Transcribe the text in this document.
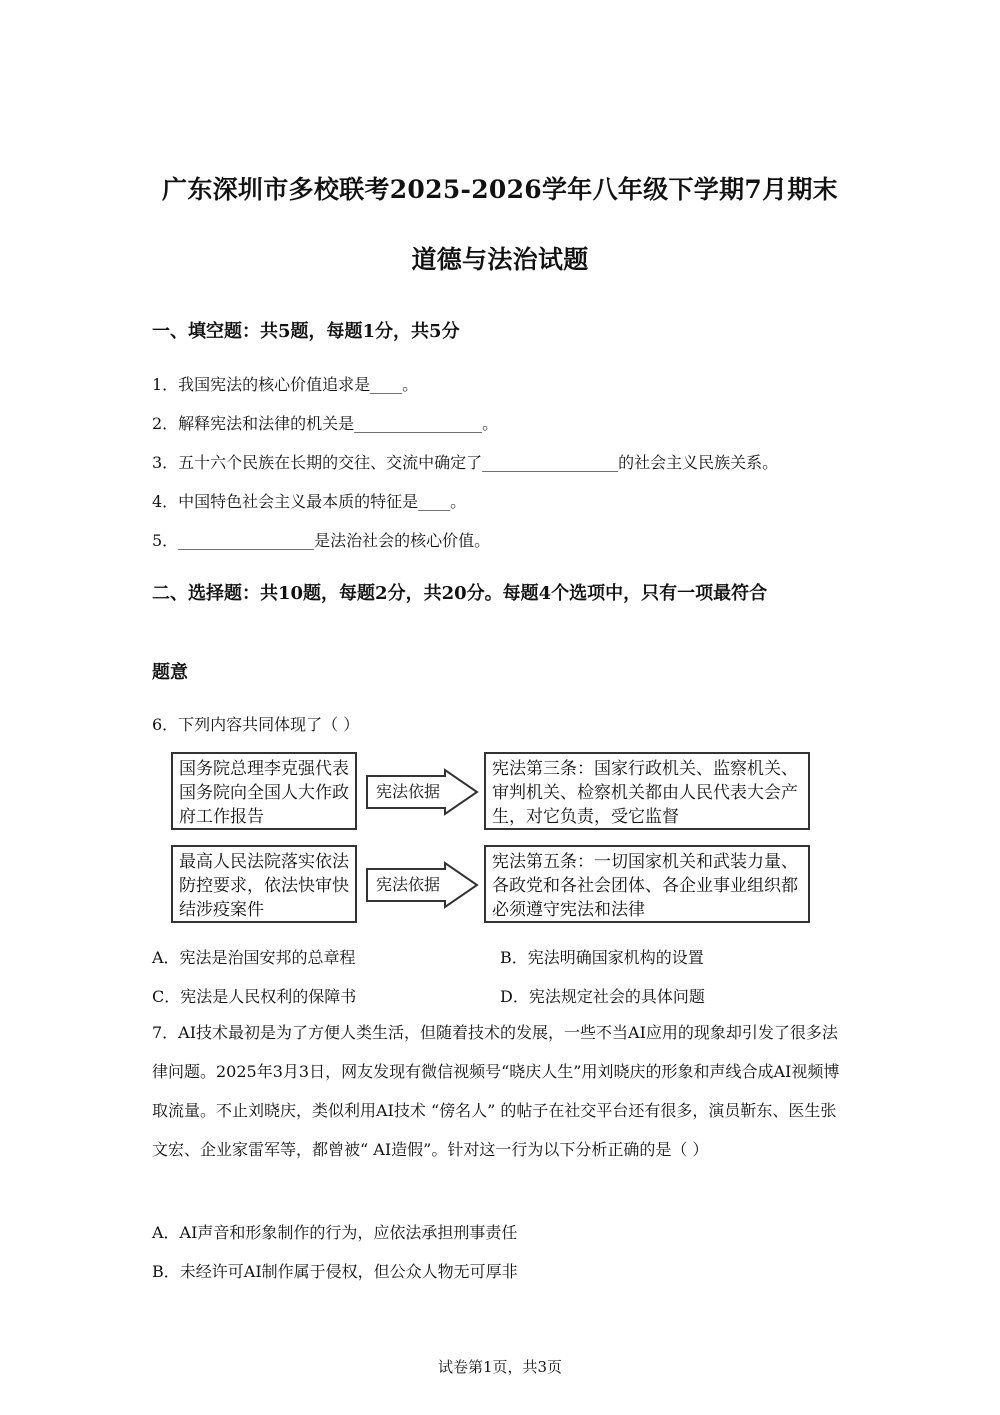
广东深圳市多校联考2025-2026学年八年级下学期7月期末
道德与法治试题
一、填空题：共5题，每题1分，共5分
1．我国宪法的核心价值追求是____。
2．解释宪法和法律的机关是________________。
3．五十六个民族在长期的交往、交流中确定了_________________的社会主义民族关系。
4．中国特色社会主义最本质的特征是____。
5．_________________是法治社会的核心价值。
二、选择题：共10题，每题2分，共20分。每题4个选项中，只有一项最符合
题意
6．下列内容共同体现了（ ）
国务院总理李克强代表国务院向全国人大作政府工作报告
宪法依据
宪法第三条：国家行政机关、监察机关、审判机关、检察机关都由人民代表大会产生，对它负责，受它监督
最高人民法院落实依法防控要求，依法快审快结涉疫案件
宪法依据
宪法第五条：一切国家机关和武装力量、各政党和各社会团体、各企业事业组织都必须遵守宪法和法律
A．宪法是治国安邦的总章程	B．宪法明确国家机构的设置
C．宪法是人民权利的保障书	D．宪法规定社会的具体问题
7．AI技术最初是为了方便人类生活，但随着技术的发展，一些不当AI应用的现象却引发了很多法律问题。2025年3月3日，网友发现有微信视频号“晓庆人生”用刘晓庆的形象和声线合成AI视频博取流量。不止刘晓庆，类似利用AI技术 “傍名人” 的帖子在社交平台还有很多，演员靳东、医生张文宏、企业家雷军等，都曾被“ AI造假”。针对这一行为以下分析正确的是（ ）
A．AI声音和形象制作的行为，应依法承担刑事责任
B．未经许可AI制作属于侵权，但公众人物无可厚非
试卷第1页，共3页
